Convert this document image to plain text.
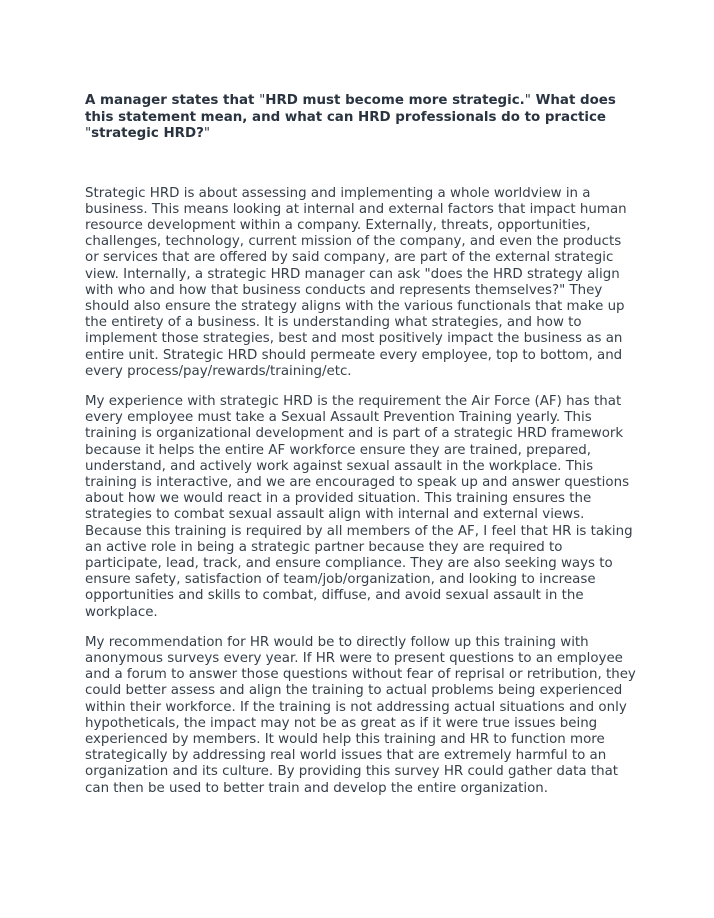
A manager states that "HRD must become more strategic." What does this statement mean, and what can HRD professionals do to practice "strategic HRD?"

Strategic HRD is about assessing and implementing a whole worldview in a business. This means looking at internal and external factors that impact human resource development within a company. Externally, threats, opportunities, challenges, technology, current mission of the company, and even the products or services that are offered by said company, are part of the external strategic view. Internally, a strategic HRD manager can ask "does the HRD strategy align with who and how that business conducts and represents themselves?" They should also ensure the strategy aligns with the various functionals that make up the entirety of a business. It is understanding what strategies, and how to implement those strategies, best and most positively impact the business as an entire unit. Strategic HRD should permeate every employee, top to bottom, and every process/pay/rewards/training/etc.

My experience with strategic HRD is the requirement the Air Force (AF) has that every employee must take a Sexual Assault Prevention Training yearly. This training is organizational development and is part of a strategic HRD framework because it helps the entire AF workforce ensure they are trained, prepared, understand, and actively work against sexual assault in the workplace. This training is interactive, and we are encouraged to speak up and answer questions about how we would react in a provided situation. This training ensures the strategies to combat sexual assault align with internal and external views. Because this training is required by all members of the AF, I feel that HR is taking an active role in being a strategic partner because they are required to participate, lead, track, and ensure compliance. They are also seeking ways to ensure safety, satisfaction of team/job/organization, and looking to increase opportunities and skills to combat, diffuse, and avoid sexual assault in the workplace.

My recommendation for HR would be to directly follow up this training with anonymous surveys every year. If HR were to present questions to an employee and a forum to answer those questions without fear of reprisal or retribution, they could better assess and align the training to actual problems being experienced within their workforce. If the training is not addressing actual situations and only hypotheticals, the impact may not be as great as if it were true issues being experienced by members. It would help this training and HR to function more strategically by addressing real world issues that are extremely harmful to an organization and its culture. By providing this survey HR could gather data that can then be used to better train and develop the entire organization.
